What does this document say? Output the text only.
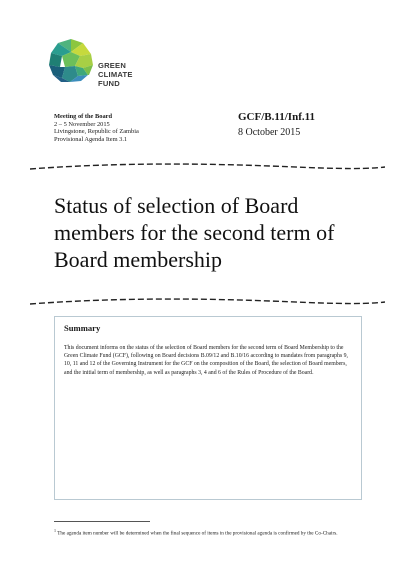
GREEN
CLIMATE
FUND
Meeting of the Board
2 – 5 November 2015
Livingstone, Republic of Zambia
Provisional Agenda Item 3.1
GCF/B.11/Inf.11
8 October 2015
Status of selection of Board members for the second term of Board membership
Summary

This document informs on the status of the selection of Board members for the second term of Board Membership to the Green Climate Fund (GCF), following on Board decisions B.09/12 and B.10/16 according to mandates from paragraphs 9, 10, 11 and 12 of the Governing Instrument for the GCF on the composition of the Board, the selection of Board members, and the initial term of membership, as well as paragraphs 3, 4 and 6 of the Rules of Procedure of the Board.

$^1$ The agenda item number will be determined when the final sequence of items in the provisional agenda is confirmed by the Co-Chairs.
